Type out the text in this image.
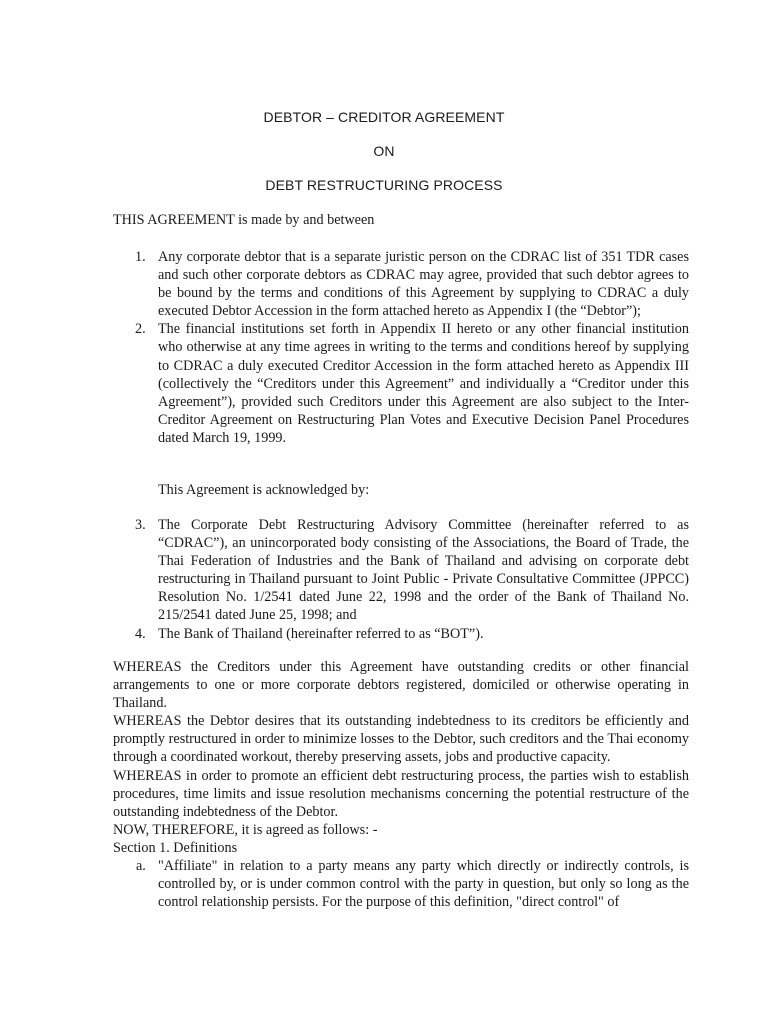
DEBTOR – CREDITOR AGREEMENT
ON
DEBT RESTRUCTURING PROCESS
THIS AGREEMENT is made by and between
1. Any corporate debtor that is a separate juristic person on the CDRAC list of 351 TDR cases and such other corporate debtors as CDRAC may agree, provided that such debtor agrees to be bound by the terms and conditions of this Agreement by supplying to CDRAC a duly executed Debtor Accession in the form attached hereto as Appendix I (the “Debtor”);
2. The financial institutions set forth in Appendix II hereto or any other financial institution who otherwise at any time agrees in writing to the terms and conditions hereof by supplying to CDRAC a duly executed Creditor Accession in the form attached hereto as Appendix III (collectively the “Creditors under this Agreement” and individually a “Creditor under this Agreement”), provided such Creditors under this Agreement are also subject to the Inter-Creditor Agreement on Restructuring Plan Votes and Executive Decision Panel Procedures dated March 19, 1999.
This Agreement is acknowledged by:
3. The Corporate Debt Restructuring Advisory Committee (hereinafter referred to as “CDRAC”), an unincorporated body consisting of the Associations, the Board of Trade, the Thai Federation of Industries and the Bank of Thailand and advising on corporate debt restructuring in Thailand pursuant to Joint Public - Private Consultative Committee (JPPCC) Resolution No. 1/2541 dated June 22, 1998 and the order of the Bank of Thailand No. 215/2541 dated June 25, 1998; and
4. The Bank of Thailand (hereinafter referred to as “BOT”).

WHEREAS the Creditors under this Agreement have outstanding credits or other financial arrangements to one or more corporate debtors registered, domiciled or otherwise operating in Thailand.

WHEREAS the Debtor desires that its outstanding indebtedness to its creditors be efficiently and promptly restructured in order to minimize losses to the Debtor, such creditors and the Thai economy through a coordinated workout, thereby preserving assets, jobs and productive capacity.

WHEREAS in order to promote an efficient debt restructuring process, the parties wish to establish procedures, time limits and issue resolution mechanisms concerning the potential restructure of the outstanding indebtedness of the Debtor.

NOW, THEREFORE, it is agreed as follows: -

Section 1. Definitions

a. "Affiliate" in relation to a party means any party which directly or indirectly controls, is controlled by, or is under common control with the party in question, but only so long as the control relationship persists. For the purpose of this definition, "direct control" of
